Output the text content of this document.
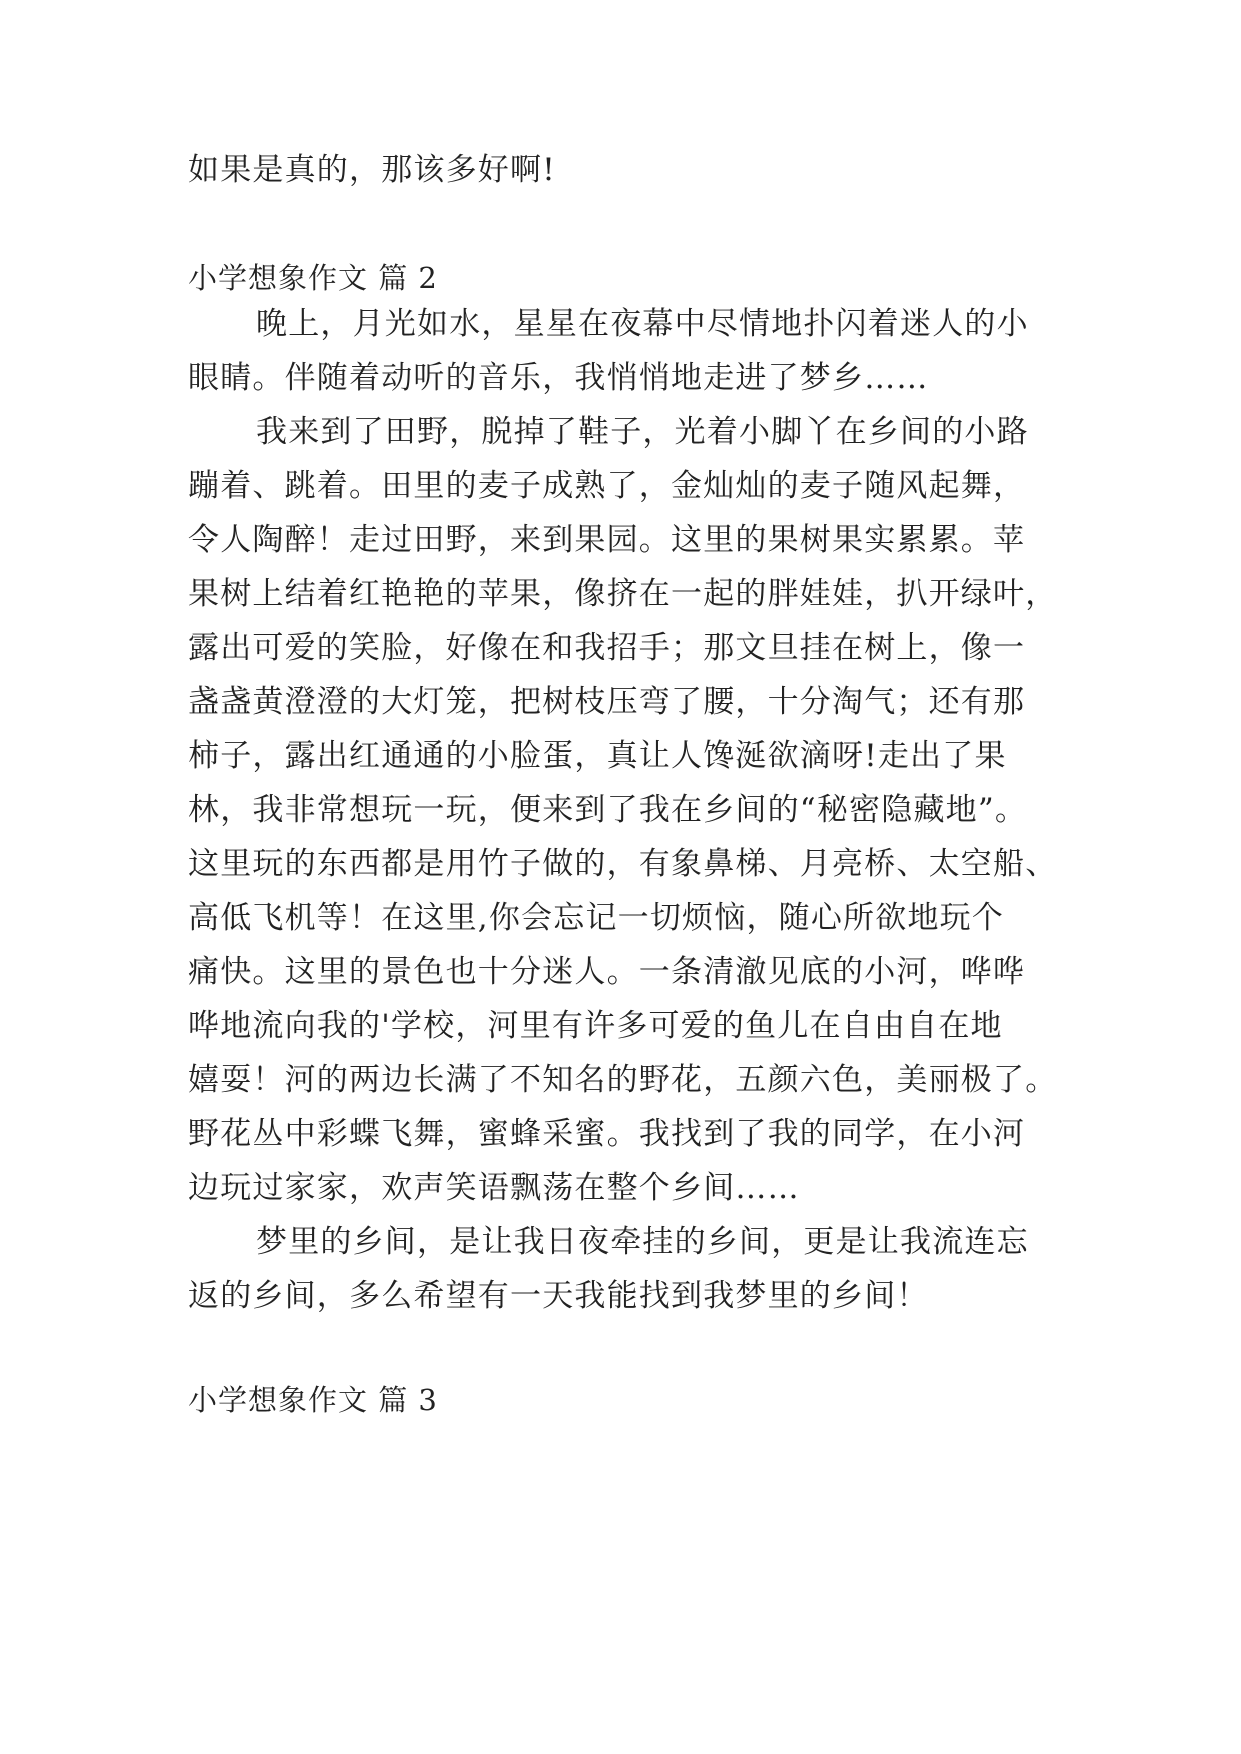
如果是真的，那该多好啊!
小学想象作文 篇 2
晚上，月光如水，星星在夜幕中尽情地扑闪着迷人的小
眼睛。伴随着动听的音乐，我悄悄地走进了梦乡……
我来到了田野，脱掉了鞋子，光着小脚丫在乡间的小路
蹦着、跳着。田里的麦子成熟了，金灿灿的麦子随风起舞，
令人陶醉！走过田野，来到果园。这里的果树果实累累。苹
果树上结着红艳艳的苹果，像挤在一起的胖娃娃，扒开绿叶，
露出可爱的笑脸，好像在和我招手；那文旦挂在树上，像一
盏盏黄澄澄的大灯笼，把树枝压弯了腰，十分淘气；还有那
柿子，露出红通通的小脸蛋，真让人馋涎欲滴呀!走出了果
林，我非常想玩一玩，便来到了我在乡间的“秘密隐藏地”。
这里玩的东西都是用竹子做的，有象鼻梯、月亮桥、太空船、
高低飞机等！在这里,你会忘记一切烦恼，随心所欲地玩个
痛快。这里的景色也十分迷人。一条清澈见底的小河，哗哗
哗地流向我的'学校，河里有许多可爱的鱼儿在自由自在地
嬉耍！河的两边长满了不知名的野花，五颜六色，美丽极了。
野花丛中彩蝶飞舞，蜜蜂采蜜。我找到了我的同学，在小河
边玩过家家，欢声笑语飘荡在整个乡间……
梦里的乡间，是让我日夜牵挂的乡间，更是让我流连忘
返的乡间，多么希望有一天我能找到我梦里的乡间！
小学想象作文 篇 3
